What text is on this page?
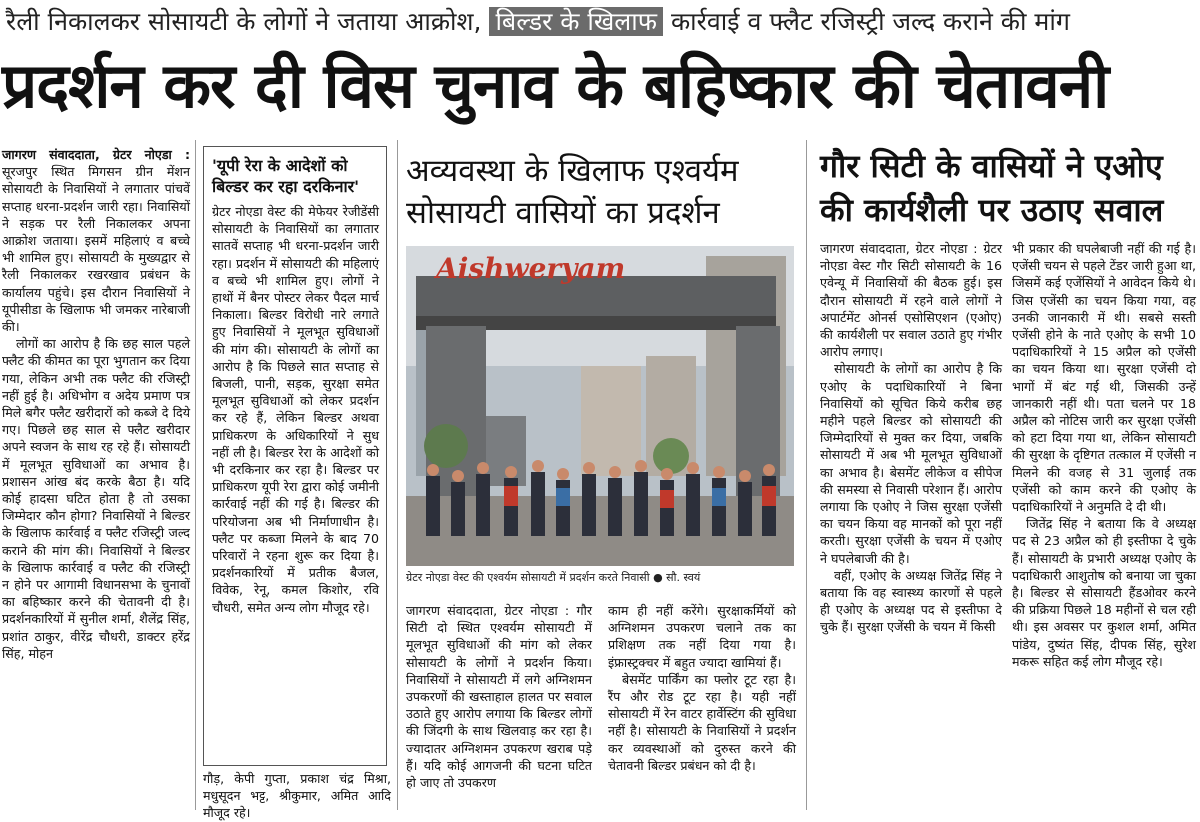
रैली निकालकर सोसायटी के लोगों ने जताया आक्रोश, बिल्डर के खिलाफ कार्रवाई व फ्लैट रजिस्ट्री जल्द कराने की मांग
प्रदर्शन कर दी विस चुनाव के बहिष्कार की चेतावनी

जागरण संवाददाता, ग्रेटर नोएडा : सूरजपुर स्थित मिगसन ग्रीन मेंशन सोसायटी के निवासियों ने लगातार पांचवें सप्ताह धरना-प्रदर्शन जारी रहा। निवासियों ने सड़क पर रैली निकालकर अपना आक्रोश जताया। इसमें महिलाएं व बच्चे भी शामिल हुए। सोसायटी के मुख्यद्वार से रैली निकालकर रखरखाव प्रबंधन के कार्यालय पहुंचे। इस दौरान निवासियों ने यूपीसीडा के खिलाफ भी जमकर नारेबाजी की।

लोगों का आरोप है कि छह साल पहले फ्लैट की कीमत का पूरा भुगतान कर दिया गया, लेकिन अभी तक फ्लैट की रजिस्ट्री नहीं हुई है। अधिभोग व अदेय प्रमाण पत्र मिले बगैर फ्लैट खरीदारों को कब्जे दे दिये गए। पिछले छह साल से फ्लैट खरीदार अपने स्वजन के साथ रह रहे हैं। सोसायटी में मूलभूत सुविधाओं का अभाव है। प्रशासन आंख बंद करके बैठा है। यदि कोई हादसा घटित होता है तो उसका जिम्मेदार कौन होगा? निवासियों ने बिल्डर के खिलाफ कार्रवाई व फ्लैट रजिस्ट्री जल्द कराने की मांग की। निवासियों ने बिल्डर के खिलाफ कार्रवाई व फ्लैट की रजिस्ट्री न होने पर आगामी विधानसभा के चुनावों का बहिष्कार करने की चेतावनी दी है। प्रदर्शनकारियों में सुनील शर्मा, शैलेंद्र सिंह, प्रशांत ठाकुर, वीरेंद्र चौधरी, डाक्टर हरेंद्र सिंह, मोहन

'यूपी रेरा के आदेशों को बिल्डर कर रहा दरकिनार'
ग्रेटर नोएडा वेस्ट की मेफेयर रेजीडेंसी सोसायटी के निवासियों का लगातार सातवें सप्ताह भी धरना-प्रदर्शन जारी रहा। प्रदर्शन में सोसायटी की महिलाएं व बच्चे भी शामिल हुए। लोगों ने हाथों में बैनर पोस्टर लेकर पैदल मार्च निकाला। बिल्डर विरोधी नारे लगाते हुए निवासियों ने मूलभूत सुविधाओं की मांग की। सोसायटी के लोगों का आरोप है कि पिछले सात सप्ताह से बिजली, पानी, सड़क, सुरक्षा समेत मूलभूत सुविधाओं को लेकर प्रदर्शन कर रहे हैं, लेकिन बिल्डर अथवा प्राधिकरण के अधिकारियों ने सुध नहीं ली है। बिल्डर रेरा के आदेशों को भी दरकिनार कर रहा है। बिल्डर पर प्राधिकरण यूपी रेरा द्वारा कोई जमीनी कार्रवाई नहीं की गई है। बिल्डर की परियोजना अब भी निर्माणाधीन है। फ्लैट पर कब्जा मिलने के बाद 70 परिवारों ने रहना शुरू कर दिया है। प्रदर्शनकारियों में प्रतीक बैजल, विवेक, रेनू, कमल किशोर, रवि चौधरी, समेत अन्य लोग मौजूद रहे।
गौड़, केपी गुप्ता, प्रकाश चंद्र मिश्रा, मधुसूदन भट्ट, श्रीकुमार, अमित आदि मौजूद रहे।
अव्यवस्था के खिलाफ एश्वर्यम
सोसायटी वासियों का प्रदर्शन
Aishweryam
ग्रेटर नोएडा वेस्ट की एश्वर्यम सोसायटी में प्रदर्शन करते निवासी ● सौ. स्वयं
जागरण संवाददाता, ग्रेटर नोएडा : गौर सिटी दो स्थित एश्वर्यम सोसायटी में मूलभूत सुविधाओं की मांग को लेकर सोसायटी के लोगों ने प्रदर्शन किया। निवासियों ने सोसायटी में लगे अग्निशमन उपकरणों की खस्ताहाल हालत पर सवाल उठाते हुए आरोप लगाया कि बिल्डर लोगों की जिंदगी के साथ खिलवाड़ कर रहा है। ज्यादातर अग्निशमन उपकरण खराब पड़े हैं। यदि कोई आगजनी की घटना घटित हो जाए तो उपकरण

काम ही नहीं करेंगे। सुरक्षाकर्मियों को अग्निशमन उपकरण चलाने तक का प्रशिक्षण तक नहीं दिया गया है। इंफ्रास्ट्रक्चर में बहुत ज्यादा खामियां हैं।

बेसमेंट पार्किंग का फ्लोर टूट रहा है। रैंप और रोड टूट रहा है। यही नहीं सोसायटी में रेन वाटर हार्वेस्टिंग की सुविधा नहीं है। सोसायटी के निवासियों ने प्रदर्शन कर व्यवस्थाओं को दुरुस्त करने की चेतावनी बिल्डर प्रबंधन को दी है।

गौर सिटी के वासियों ने एओए
की कार्यशैली पर उठाए सवाल

जागरण संवाददाता, ग्रेटर नोएडा : ग्रेटर नोएडा वेस्ट गौर सिटी सोसायटी के 16 एवेन्यू में निवासियों की बैठक हुई। इस दौरान सोसायटी में रहने वाले लोगों ने अपार्टमेंट ओनर्स एसोसिएशन (एओए) की कार्यशैली पर सवाल उठाते हुए गंभीर आरोप लगाए।

सोसायटी के लोगों का आरोप है कि एओए के पदाधिकारियों ने बिना निवासियों को सूचित किये करीब छह महीने पहले बिल्डर को सोसायटी की जिम्मेदारियों से मुक्त कर दिया, जबकि सोसायटी में अब भी मूलभूत सुविधाओं का अभाव है। बेसमेंट लीकेज व सीपेज की समस्या से निवासी परेशान हैं। आरोप लगाया कि एओए ने जिस सुरक्षा एजेंसी का चयन किया वह मानकों को पूरा नहीं करती। सुरक्षा एजेंसी के चयन में एओए ने घपलेबाजी की है।

वहीं, एओए के अध्यक्ष जितेंद्र सिंह ने बताया कि वह स्वास्थ्य कारणों से पहले ही एओए के अध्यक्ष पद से इस्तीफा दे चुके हैं। सुरक्षा एजेंसी के चयन में किसी

भी प्रकार की घपलेबाजी नहीं की गई है। एजेंसी चयन से पहले टेंडर जारी हुआ था, जिसमें कई एजेंसियों ने आवेदन किये थे। जिस एजेंसी का चयन किया गया, वह उनकी जानकारी में थी। सबसे सस्ती एजेंसी होने के नाते एओए के सभी 10 पदाधिकारियों ने 15 अप्रैल को एजेंसी का चयन किया था। सुरक्षा एजेंसी दो भागों में बंट गई थी, जिसकी उन्हें जानकारी नहीं थी। पता चलने पर 18 अप्रैल को नोटिस जारी कर सुरक्षा एजेंसी को हटा दिया गया था, लेकिन सोसायटी की सुरक्षा के दृष्टिगत तत्काल में एजेंसी न मिलने की वजह से 31 जुलाई तक एजेंसी को काम करने की एओए के पदाधिकारियों ने अनुमति दे दी थी।

जितेंद्र सिंह ने बताया कि वे अध्यक्ष पद से 23 अप्रैल को ही इस्तीफा दे चुके हैं। सोसायटी के प्रभारी अध्यक्ष एओए के पदाधिकारी आशुतोष को बनाया जा चुका है। बिल्डर से सोसायटी हैंडओवर करने की प्रक्रिया पिछले 18 महीनों से चल रही थी। इस अवसर पर कुशल शर्मा, अमित पांडेय, दुष्यंत सिंह, दीपक सिंह, सुरेश मकरू सहित कई लोग मौजूद रहे।
